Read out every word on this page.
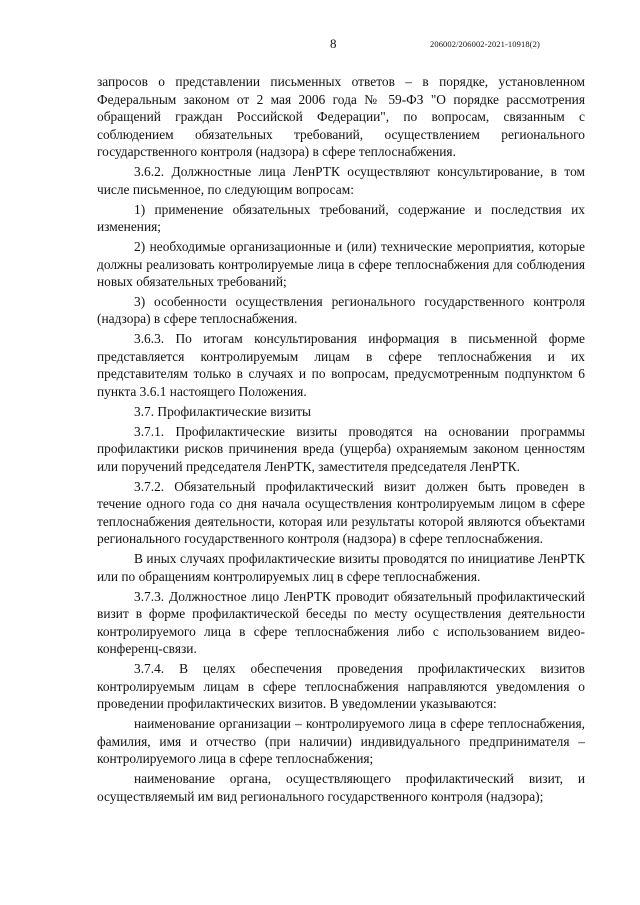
8	206002/206002-2021-10918(2)

запросов о представлении письменных ответов – в порядке, установленном Федеральным законом от 2 мая 2006 года № 59-ФЗ "О порядке рассмотрения обращений граждан Российской Федерации", по вопросам, связанным с соблюдением обязательных требований, осуществлением регионального государственного контроля (надзора) в сфере теплоснабжения.

3.6.2. Должностные лица ЛенРТК осуществляют консультирование, в том числе письменное, по следующим вопросам:

1) применение обязательных требований, содержание и последствия их изменения;

2) необходимые организационные и (или) технические мероприятия, которые должны реализовать контролируемые лица в сфере теплоснабжения для соблюдения новых обязательных требований;

3) особенности осуществления регионального государственного контроля (надзора) в сфере теплоснабжения.

3.6.3. По итогам консультирования информация в письменной форме представляется контролируемым лицам в сфере теплоснабжения и их представителям только в случаях и по вопросам, предусмотренным подпунктом 6 пункта 3.6.1 настоящего Положения.

3.7. Профилактические визиты

3.7.1. Профилактические визиты проводятся на основании программы профилактики рисков причинения вреда (ущерба) охраняемым законом ценностям или поручений председателя ЛенРТК, заместителя председателя ЛенРТК.

3.7.2. Обязательный профилактический визит должен быть проведен в течение одного года со дня начала осуществления контролируемым лицом в сфере теплоснабжения деятельности, которая или результаты которой являются объектами регионального государственного контроля (надзора) в сфере теплоснабжения.

В иных случаях профилактические визиты проводятся по инициативе ЛенРТК или по обращениям контролируемых лиц в сфере теплоснабжения.

3.7.3. Должностное лицо ЛенРТК проводит обязательный профилактический визит в форме профилактической беседы по месту осуществления деятельности контролируемого лица в сфере теплоснабжения либо с использованием видео-конференц-связи.

3.7.4. В целях обеспечения проведения профилактических визитов контролируемым лицам в сфере теплоснабжения направляются уведомления о проведении профилактических визитов. В уведомлении указываются:

наименование организации – контролируемого лица в сфере теплоснабжения, фамилия, имя и отчество (при наличии) индивидуального предпринимателя – контролируемого лица в сфере теплоснабжения;

наименование органа, осуществляющего профилактический визит, и осуществляемый им вид регионального государственного контроля (надзора);
